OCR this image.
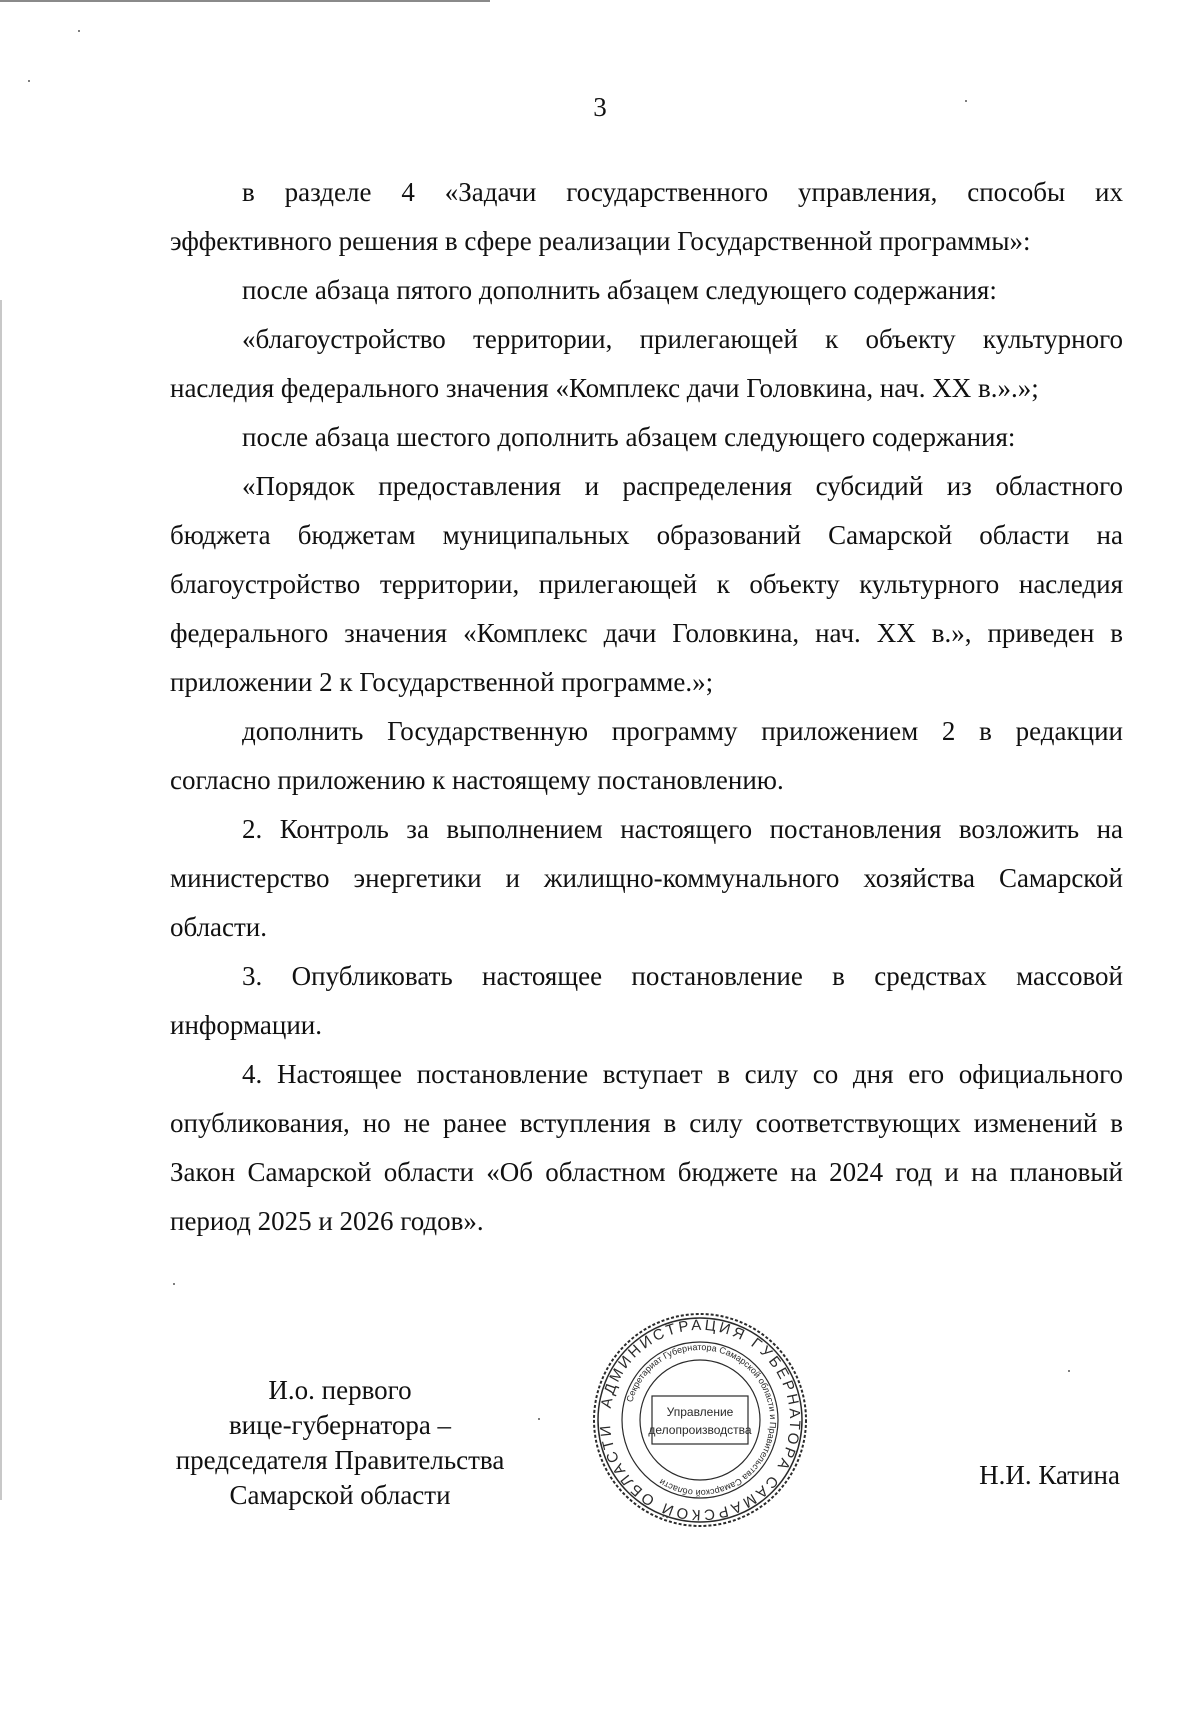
3

в разделе 4 «Задачи государственного управления, способы их эффективного решения в сфере реализации Государственной программы»:

после абзаца пятого дополнить абзацем следующего содержания:

«благоустройство территории, прилегающей к объекту культурного наследия федерального значения «Комплекс дачи Головкина, нач. XX в.».»;

после абзаца шестого дополнить абзацем следующего содержания:

«Порядок предоставления и распределения субсидий из областного бюджета бюджетам муниципальных образований Самарской области на благоустройство территории, прилегающей к объекту культурного наследия федерального значения «Комплекс дачи Головкина, нач. XX в.», приведен в приложении 2 к Государственной программе.»;

дополнить Государственную программу приложением 2 в редакции согласно приложению к настоящему постановлению.

2. Контроль за выполнением настоящего постановления возложить на министерство энергетики и жилищно-коммунального хозяйства Самарской области.

3. Опубликовать настоящее постановление в средствах массовой информации.

4. Настоящее постановление вступает в силу со дня его официального опубликования, но не ранее вступления в силу соответствующих изменений в Закон Самарской области «Об областном бюджете на 2024 год и на плановый период 2025 и 2026 годов».

И.о. первого
вице-губернатора –
председателя Правительства
Самарской области
АДМИНИСТРАЦИЯ ГУБЕРНАТОРА САМАРСКОЙ ОБЛАСТИ
Секретариат Губернатора Самарской области и Правительства Самарской области
Управление
делопроизводства
Н.И. Катина
